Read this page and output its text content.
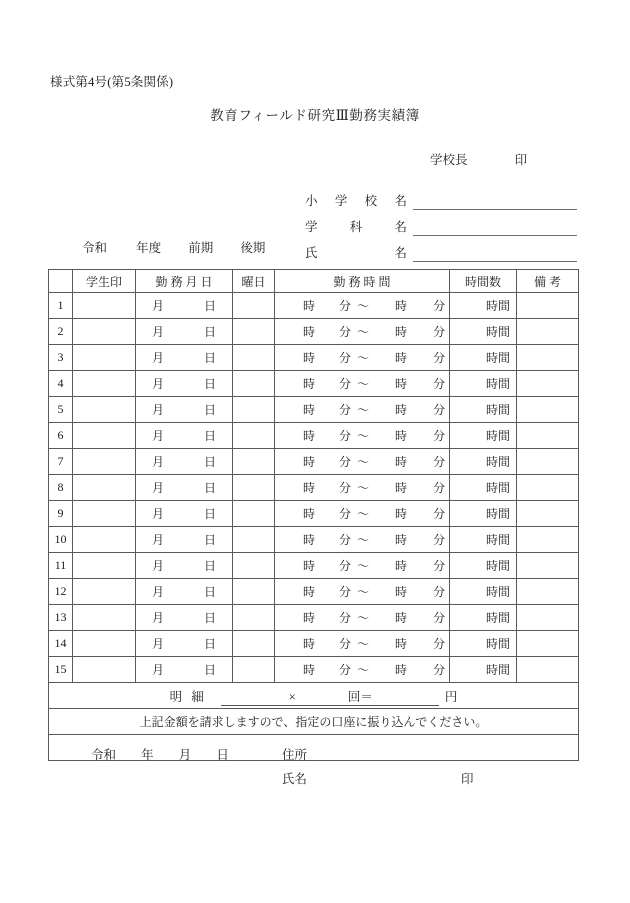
様式第4号(第5条関係)
教育フィールド研究Ⅲ勤務実績簿
学校長	印
小 学 校 名
学	科	名
氏	名
令和 年度 前期 後期
	学生印	勤 務 月 日	曜日	勤 務 時 間	時間数	備 考
1		月 日		時 分 ～ 時 分	時間	

2		月 日		時 分 ～ 時 分	時間	

3		月 日		時 分 ～ 時 分	時間	

4		月 日		時 分 ～ 時 分	時間	

5		月 日		時 分 ～ 時 分	時間	

6		月 日		時 分 ～ 時 分	時間	

7		月 日		時 分 ～ 時 分	時間	

8		月 日		時 分 ～ 時 分	時間	

9		月 日		時 分 ～ 時 分	時間	

10		月 日		時 分 ～ 時 分	時間	

11		月 日		時 分 ～ 時 分	時間	

12		月 日		時 分 ～ 時 分	時間	

13		月 日		時 分 ～ 時 分	時間	

14		月 日		時 分 ～ 時 分	時間	

15		月 日		時 分 ～ 時 分	時間	

明 細 × 回＝ 円						

上記金額を請求しますので、指定の口座に振り込んでください。						

令和 年 月 日 住所
氏名 印						
